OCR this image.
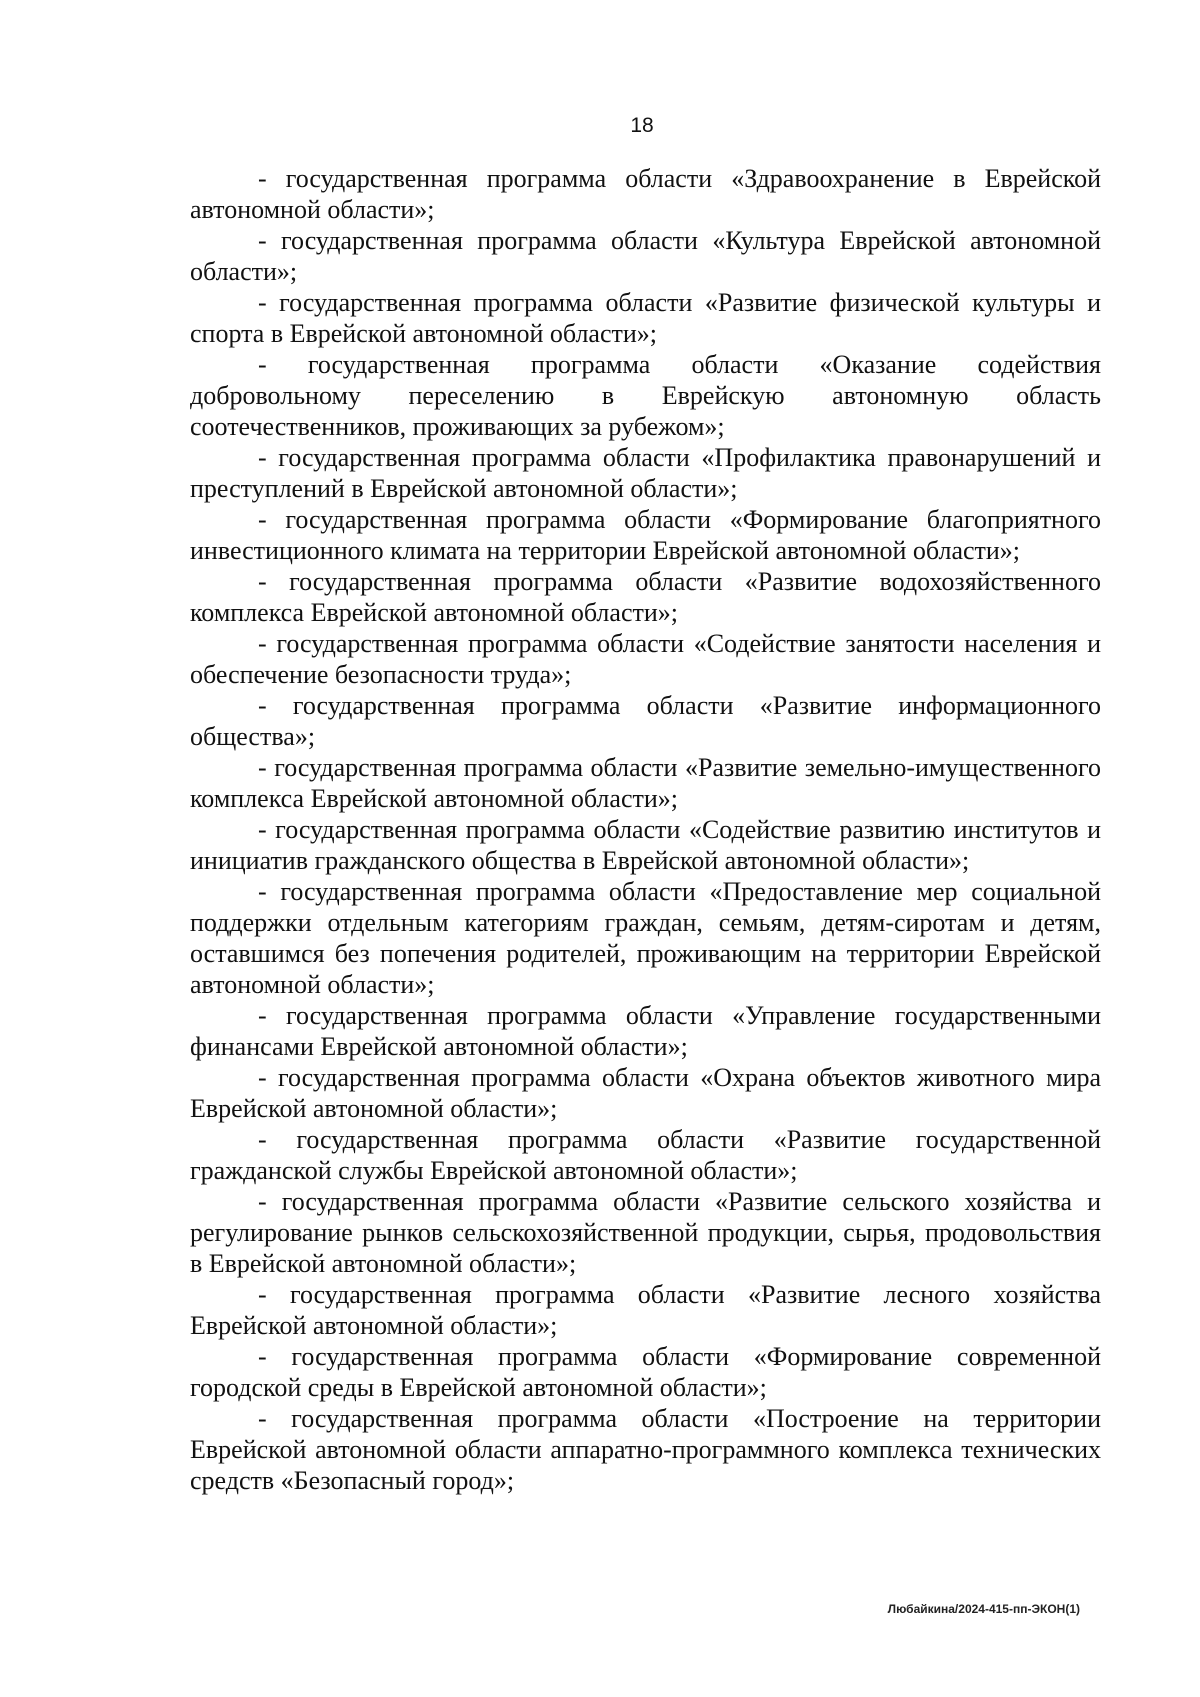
18

- государственная программа области «Здравоохранение в Еврейской автономной области»;

- государственная программа области «Культура Еврейской автономной области»;

- государственная программа области «Развитие физической культуры и спорта в Еврейской автономной области»;

- государственная программа области «Оказание содействия добровольному переселению в Еврейскую автономную область соотечественников, проживающих за рубежом»;

- государственная программа области «Профилактика правонарушений и преступлений в Еврейской автономной области»;

- государственная программа области «Формирование благоприятного инвестиционного климата на территории Еврейской автономной области»;

- государственная программа области «Развитие водохозяйственного комплекса Еврейской автономной области»;

- государственная программа области «Содействие занятости населения и обеспечение безопасности труда»;

- государственная программа области «Развитие информационного общества»;

- государственная программа области «Развитие земельно-имущественного комплекса Еврейской автономной области»;

- государственная программа области «Содействие развитию институтов и инициатив гражданского общества в Еврейской автономной области»;

- государственная программа области «Предоставление мер социальной поддержки отдельным категориям граждан, семьям, детям-сиротам и детям, оставшимся без попечения родителей, проживающим на территории Еврейской автономной области»;

- государственная программа области «Управление государственными финансами Еврейской автономной области»;

- государственная программа области «Охрана объектов животного мира Еврейской автономной области»;

- государственная программа области «Развитие государственной гражданской службы Еврейской автономной области»;

- государственная программа области «Развитие сельского хозяйства и регулирование рынков сельскохозяйственной продукции, сырья, продовольствия в Еврейской автономной области»;

- государственная программа области «Развитие лесного хозяйства Еврейской автономной области»;

- государственная программа области «Формирование современной городской среды в Еврейской автономной области»;

- государственная программа области «Построение на территории Еврейской автономной области аппаратно-программного комплекса технических средств «Безопасный город»;

Любайкина/2024-415-пп-ЭКОН(1)
